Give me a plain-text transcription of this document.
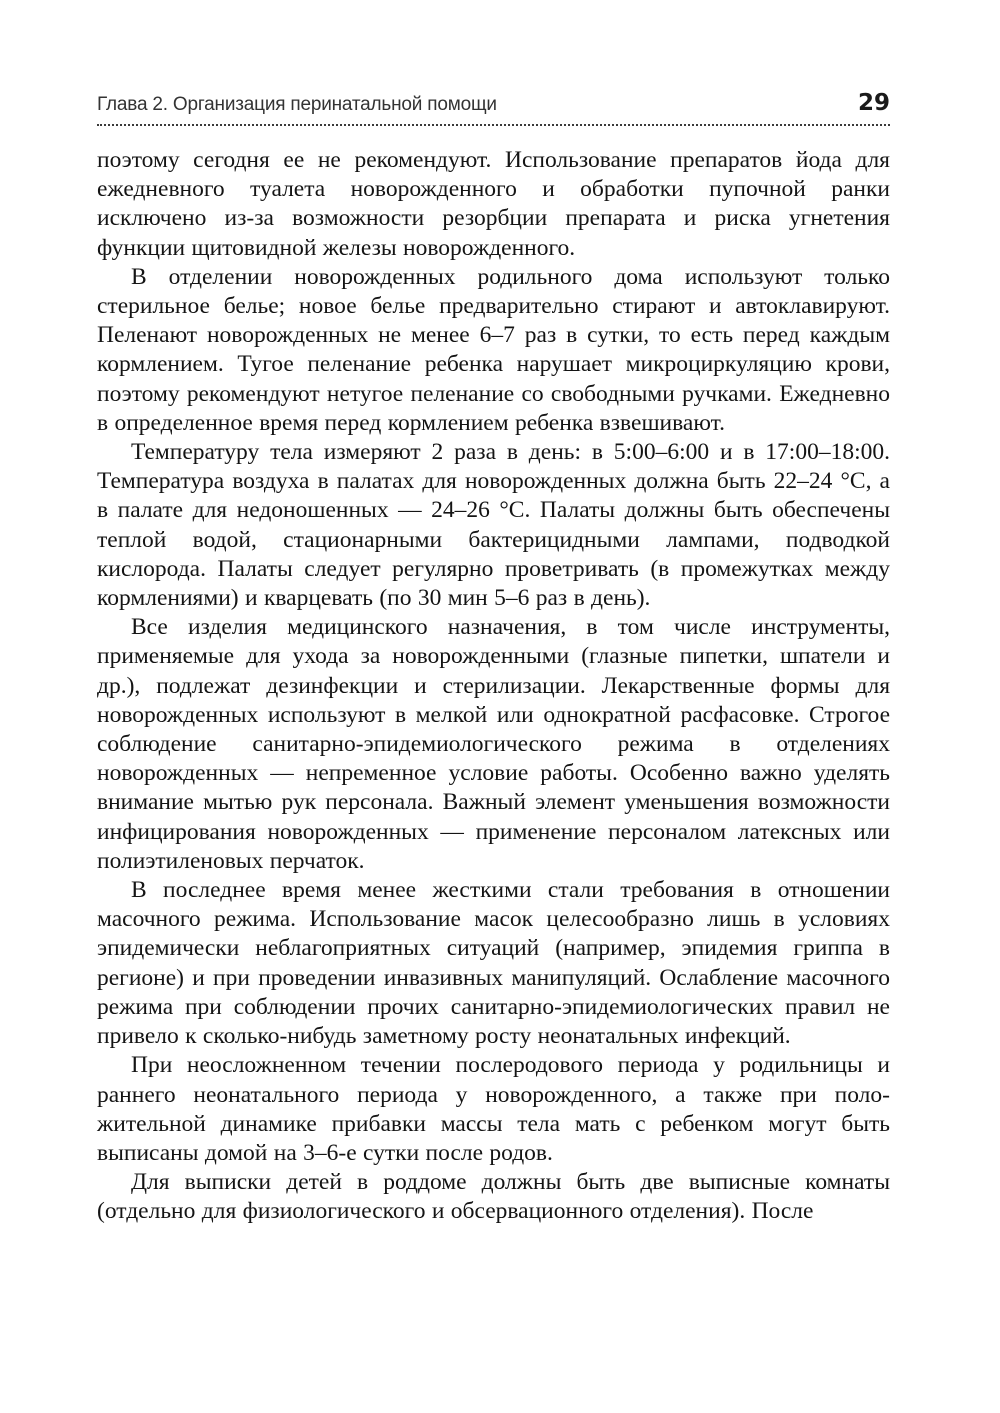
Глава 2. Организация перинатальной помощи	29

поэтому сегодня ее не рекомендуют. Использование препаратов йода для ежедневного туалета новорожденного и обработки пупочной ранки исключено из-за возможности резорбции препарата и риска угнетения функции щитовидной железы новорожденного.

В отделении новорожденных родильного дома используют только стерильное белье; новое белье предварительно стирают и автоклавируют. Пеленают новорожденных не менее 6–7 раз в сутки, то есть перед каждым кормлением. Тугое пеленание ребенка нарушает микроциркуляцию крови, поэтому рекомендуют нетугое пеленание со свободными ручками. Ежедневно в определенное время перед кормлением ребенка взвешивают.

Температуру тела измеряют 2 раза в день: в 5:00–6:00 и в 17:00–18:00. Температура воздуха в палатах для новорожденных должна быть 22–24 °С, а в палате для недоношенных — 24–26 °С. Палаты должны быть обеспечены теплой водой, стационарными бактерицидными лампами, подводкой кислорода. Палаты следует регулярно проветривать (в промежутках между кормлениями) и кварцевать (по 30 мин 5–6 раз в день).

Все изделия медицинского назначения, в том числе инструменты, применяемые для ухода за новорожденными (глазные пипетки, шпатели и др.), подлежат дезинфекции и стерилизации. Лекарственные формы для новорожденных используют в мелкой или однократной расфасовке. Строгое соблюдение санитарно-эпидемиологического режима в отделениях новорожденных — непременное условие работы. Особенно важно уделять внимание мытью рук персонала. Важный элемент уменьшения возможности инфицирования новорожденных — применение персоналом латексных или полиэтиленовых перчаток.

В последнее время менее жесткими стали требования в отношении масочного режима. Использование масок целесообразно лишь в условиях эпидемически неблагоприятных ситуаций (например, эпидемия гриппа в регионе) и при проведении инвазивных манипуляций. Ослабление масочного режима при соблюдении прочих санитарно-эпидемиологических правил не привело к сколько-нибудь заметному росту неонатальных инфекций.

При неосложненном течении послеродового периода у родильницы и раннего неонатального периода у новорожденного, а также при положительной динамике прибавки массы тела мать с ребенком могут быть выписаны домой на 3–6-е сутки после родов.

Для выписки детей в роддоме должны быть две выписные комнаты (отдельно для физиологического и обсервационного отделения). После
